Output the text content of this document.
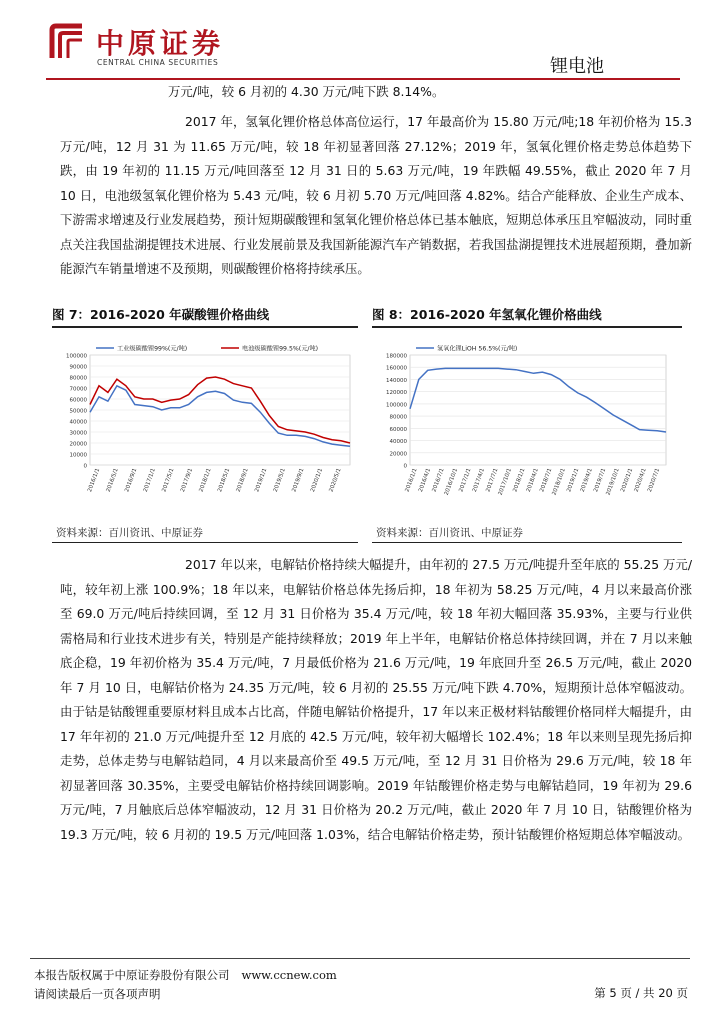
中原证券
CENTRAL CHINA SECURITIES	锂电池
万元/吨，较 6 月初的 4.30 万元/吨下跌 8.14%。
2017 年，氢氧化锂价格总体高位运行，17 年最高价为 15.80 万元/吨;18 年初价格为 15.3 万元/吨，12 月 31 为 11.65 万元/吨，较 18 年初显著回落 27.12%；2019 年，氢氧化锂价格走势总体趋势下跌，由 19 年初的 11.15 万元/吨回落至 12 月 31 日的 5.63 万元/吨，19 年跌幅 49.55%，截止 2020 年 7 月 10 日，电池级氢氧化锂价格为 5.43 元/吨，较 6 月初 5.70 万元/吨回落 4.82%。结合产能释放、企业生产成本、下游需求增速及行业发展趋势，预计短期碳酸锂和氢氧化锂价格总体已基本触底，短期总体承压且窄幅波动，同时重点关注我国盐湖提锂技术进展、行业发展前景及我国新能源汽车产销数据，若我国盐湖提锂技术进展超预期，叠加新能源汽车销量增速不及预期，则碳酸锂价格将持续承压。
图 7：2016-2020 年碳酸锂价格曲线
0
10000
20000
30000
40000
50000
60000
70000
80000
90000
100000
2016/1/1 2016/5/1 2016/9/1 2017/1/1 2017/5/1 2017/9/1 2018/1/1 2018/5/1 2018/9/1 2019/1/1 2019/5/1 2019/9/1 2020/1/1 2020/5/1
工业级碳酸锂99%(元/吨)	电池级碳酸锂99.5%(元/吨)
资料来源：百川资讯、中原证券
图 8：2016-2020 年氢氧化锂价格曲线
0
20000
40000
60000
80000
100000
120000
140000
160000
180000
2016/1/1 2016/4/1 2016/7/1
2016/10/1 2017/1/1 2017/4/1 2017/7/1
2017/10/1 2018/1/1 2018/4/1 2018/7/1
2018/10/1 2019/1/1 2019/4/1 2019/7/1
2019/10/1 2020/1/1 2020/4/1 2020/7/1
氢氧化锂LiOH 56.5%(元/吨)
资料来源：百川资讯、中原证券
2017 年以来，电解钴价格持续大幅提升，由年初的 27.5 万元/吨提升至年底的 55.25 万元/吨，较年初上涨 100.9%；18 年以来，电解钴价格总体先扬后抑，18 年初为 58.25 万元/吨，4 月以来最高价涨至 69.0 万元/吨后持续回调，至 12 月 31 日价格为 35.4 万元/吨，较 18 年初大幅回落 35.93%，主要与行业供需格局和行业技术进步有关，特别是产能持续释放；2019 年上半年，电解钴价格总体持续回调，并在 7 月以来触底企稳，19 年初价格为 35.4 万元/吨，7 月最低价格为 21.6 万元/吨，19 年底回升至 26.5 万元/吨，截止 2020 年 7 月 10 日，电解钴价格为 24.35 万元/吨，较 6 月初的 25.55 万元/吨下跌 4.70%，短期预计总体窄幅波动。由于钴是钴酸锂重要原材料且成本占比高，伴随电解钴价格提升，17 年以来正极材料钴酸锂价格同样大幅提升，由 17 年年初的 21.0 万元/吨提升至 12 月底的 42.5 万元/吨，较年初大幅增长 102.4%；18 年以来则呈现先扬后抑走势，总体走势与电解钴趋同，4 月以来最高价至 49.5 万元/吨，至 12 月 31 日价格为 29.6 万元/吨，较 18 年初显著回落 30.35%，主要受电解钴价格持续回调影响。2019 年钴酸锂价格走势与电解钴趋同，19 年初为 29.6 万元/吨，7 月触底后总体窄幅波动，12 月 31 日价格为 20.2 万元/吨，截止 2020 年 7 月 10 日，钴酸锂价格为 19.3 万元/吨，较 6 月初的 19.5 万元/吨回落 1.03%，结合电解钴价格走势，预计钴酸锂价格短期总体窄幅波动。
本报告版权属于中原证券股份有限公司 www.ccnew.com
请阅读最后一页各项声明	第 5 页 / 共 20 页
